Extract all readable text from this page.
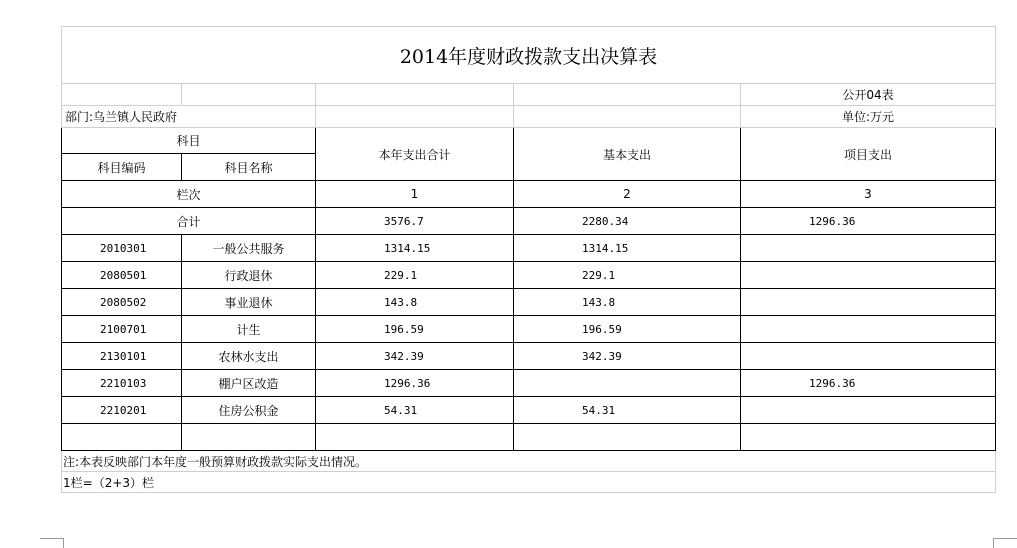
2014年度财政拨款支出决算表				
				公开04表
部门:乌兰镇人民政府				单位:万元
科目		本年支出合计	基本支出	项目支出
科目编码	科目名称			
栏次		1	2	3
合计		3576.7	2280.34	1296.36
2010301	一般公共服务	1314.15	1314.15	
2080501	行政退休	229.1	229.1	
2080502	事业退休	143.8	143.8	
2100701	计生	196.59	196.59	
2130101	农林水支出	342.39	342.39	
2210103	棚户区改造	1296.36		1296.36
2210201	住房公积金	54.31	54.31	

注:本表反映部门本年度一般预算财政拨款实际支出情况。				
1栏=（2+3）栏				
